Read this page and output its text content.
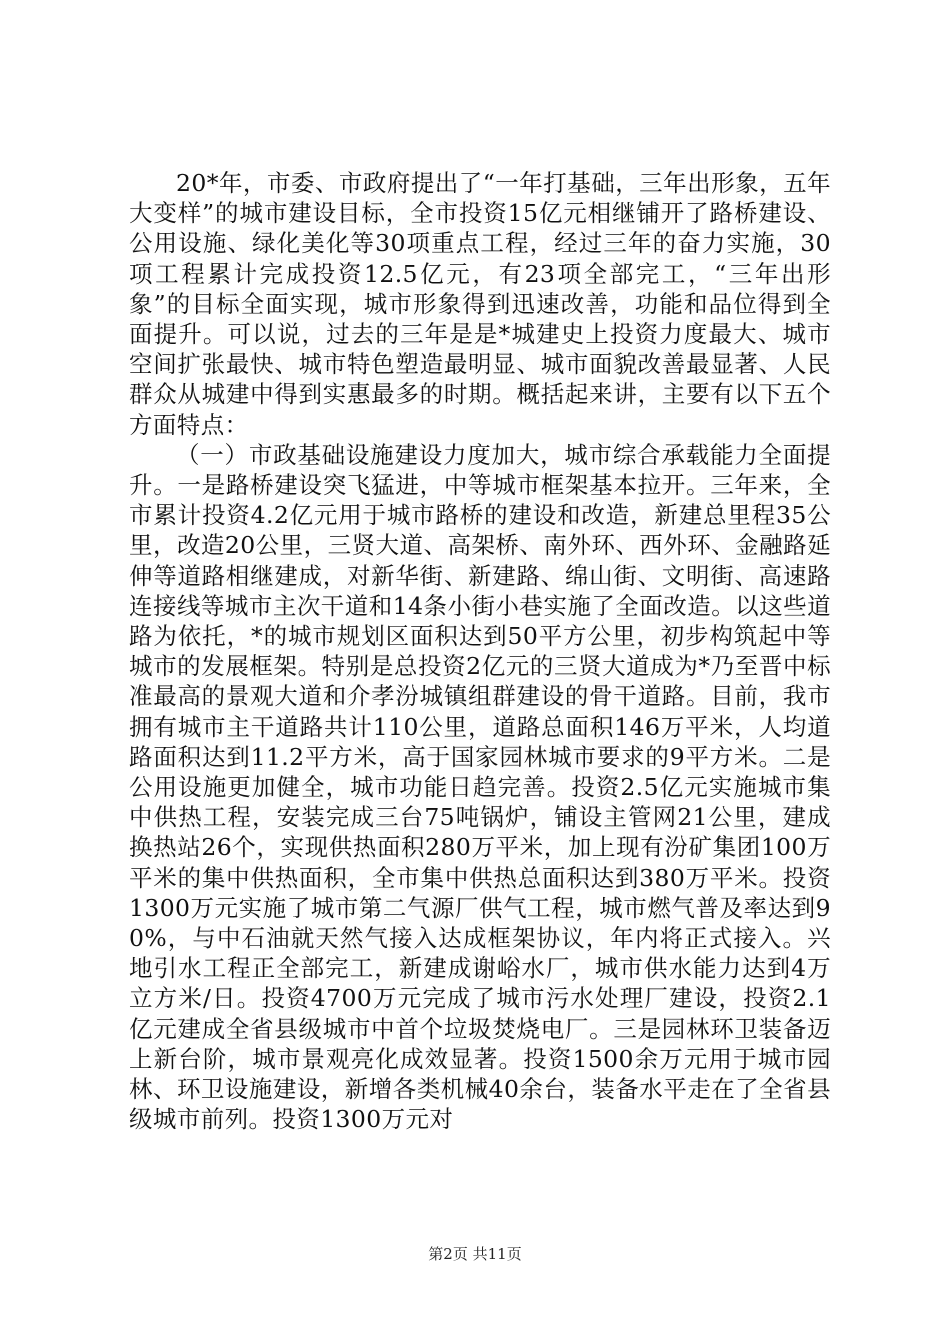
20*年，市委、市政府提出了“一年打基础，三年出形象，五年大变样”的城市建设目标，全市投资15亿元相继铺开了路桥建设、公用设施、绿化美化等30项重点工程，经过三年的奋力实施，30项工程累计完成投资12.5亿元，有23项全部完工，“三年出形象”的目标全面实现，城市形象得到迅速改善，功能和品位得到全面提升。可以说，过去的三年是是*城建史上投资力度最大、城市空间扩张最快、城市特色塑造最明显、城市面貌改善最显著、人民群众从城建中得到实惠最多的时期。概括起来讲，主要有以下五个方面特点：

（一）市政基础设施建设力度加大，城市综合承载能力全面提升。一是路桥建设突飞猛进，中等城市框架基本拉开。三年来，全市累计投资4.2亿元用于城市路桥的建设和改造，新建总里程35公里，改造20公里，三贤大道、高架桥、南外环、西外环、金融路延伸等道路相继建成，对新华街、新建路、绵山街、文明街、高速路连接线等城市主次干道和14条小街小巷实施了全面改造。以这些道路为依托，*的城市规划区面积达到50平方公里，初步构筑起中等城市的发展框架。特别是总投资2亿元的三贤大道成为*乃至晋中标准最高的景观大道和介孝汾城镇组群建设的骨干道路。目前，我市拥有城市主干道路共计110公里，道路总面积146万平米，人均道路面积达到11.2平方米，高于国家园林城市要求的9平方米。二是公用设施更加健全，城市功能日趋完善。投资2.5亿元实施城市集中供热工程，安装完成三台75吨锅炉，铺设主管网21公里，建成换热站26个，实现供热面积280万平米，加上现有汾矿集团100万平米的集中供热面积，全市集中供热总面积达到380万平米。投资1300万元实施了城市第二气源厂供气工程，城市燃气普及率达到90%，与中石油就天然气接入达成框架协议，年内将正式接入。兴地引水工程正全部完工，新建成谢峪水厂，城市供水能力达到4万立方米/日。投资4700万元完成了城市污水处理厂建设，投资2.1亿元建成全省县级城市中首个垃圾焚烧电厂。三是园林环卫装备迈上新台阶，城市景观亮化成效显著。投资1500余万元用于城市园林、环卫设施建设，新增各类机械40余台，装备水平走在了全省县级城市前列。投资1300万元对

第2页 共11页
